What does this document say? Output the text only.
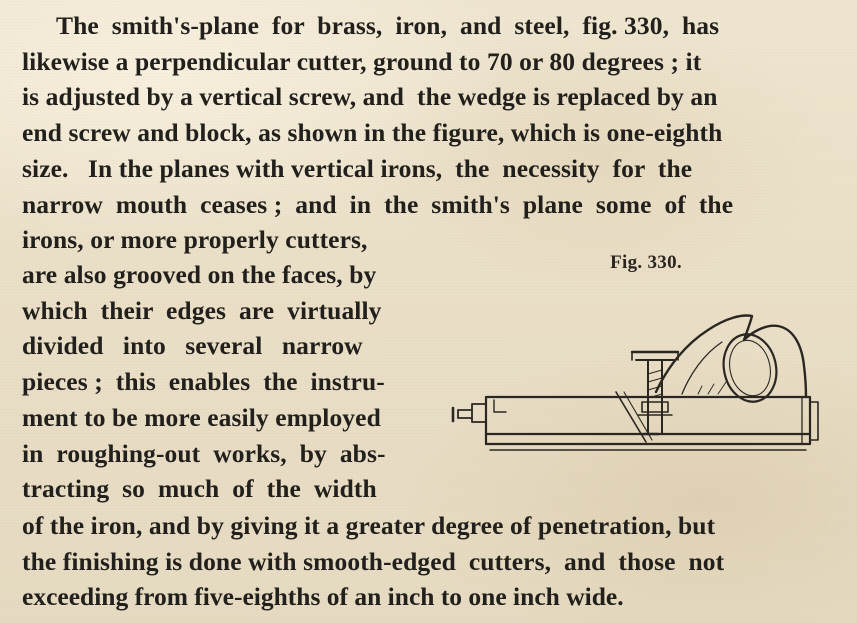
The  smith's-plane  for  brass,  iron,  and  steel,  fig. 330,  has
likewise a perpendicular cutter, ground to 70 or 80 degrees ; it
is adjusted by a vertical screw, and  the wedge is replaced by an
end screw and block, as shown in the figure, which is one-eighth
size.   In the planes with vertical irons,  the  necessity  for  the
narrow  mouth  ceases ;  and  in  the  smith's  plane  some  of  the
irons, or more properly cutters,
are also grooved on the faces, by
which  their  edges  are  virtually
divided   into   several   narrow
pieces ;  this  enables  the  instru-
ment to be more easily employed
in  roughing-out  works,  by  abs-
tracting  so  much  of  the  width
of the iron, and by giving it a greater degree of penetration, but
the finishing is done with smooth-edged  cutters,  and  those  not
exceeding from five-eighths of an inch to one inch wide.
Fig. 330.
